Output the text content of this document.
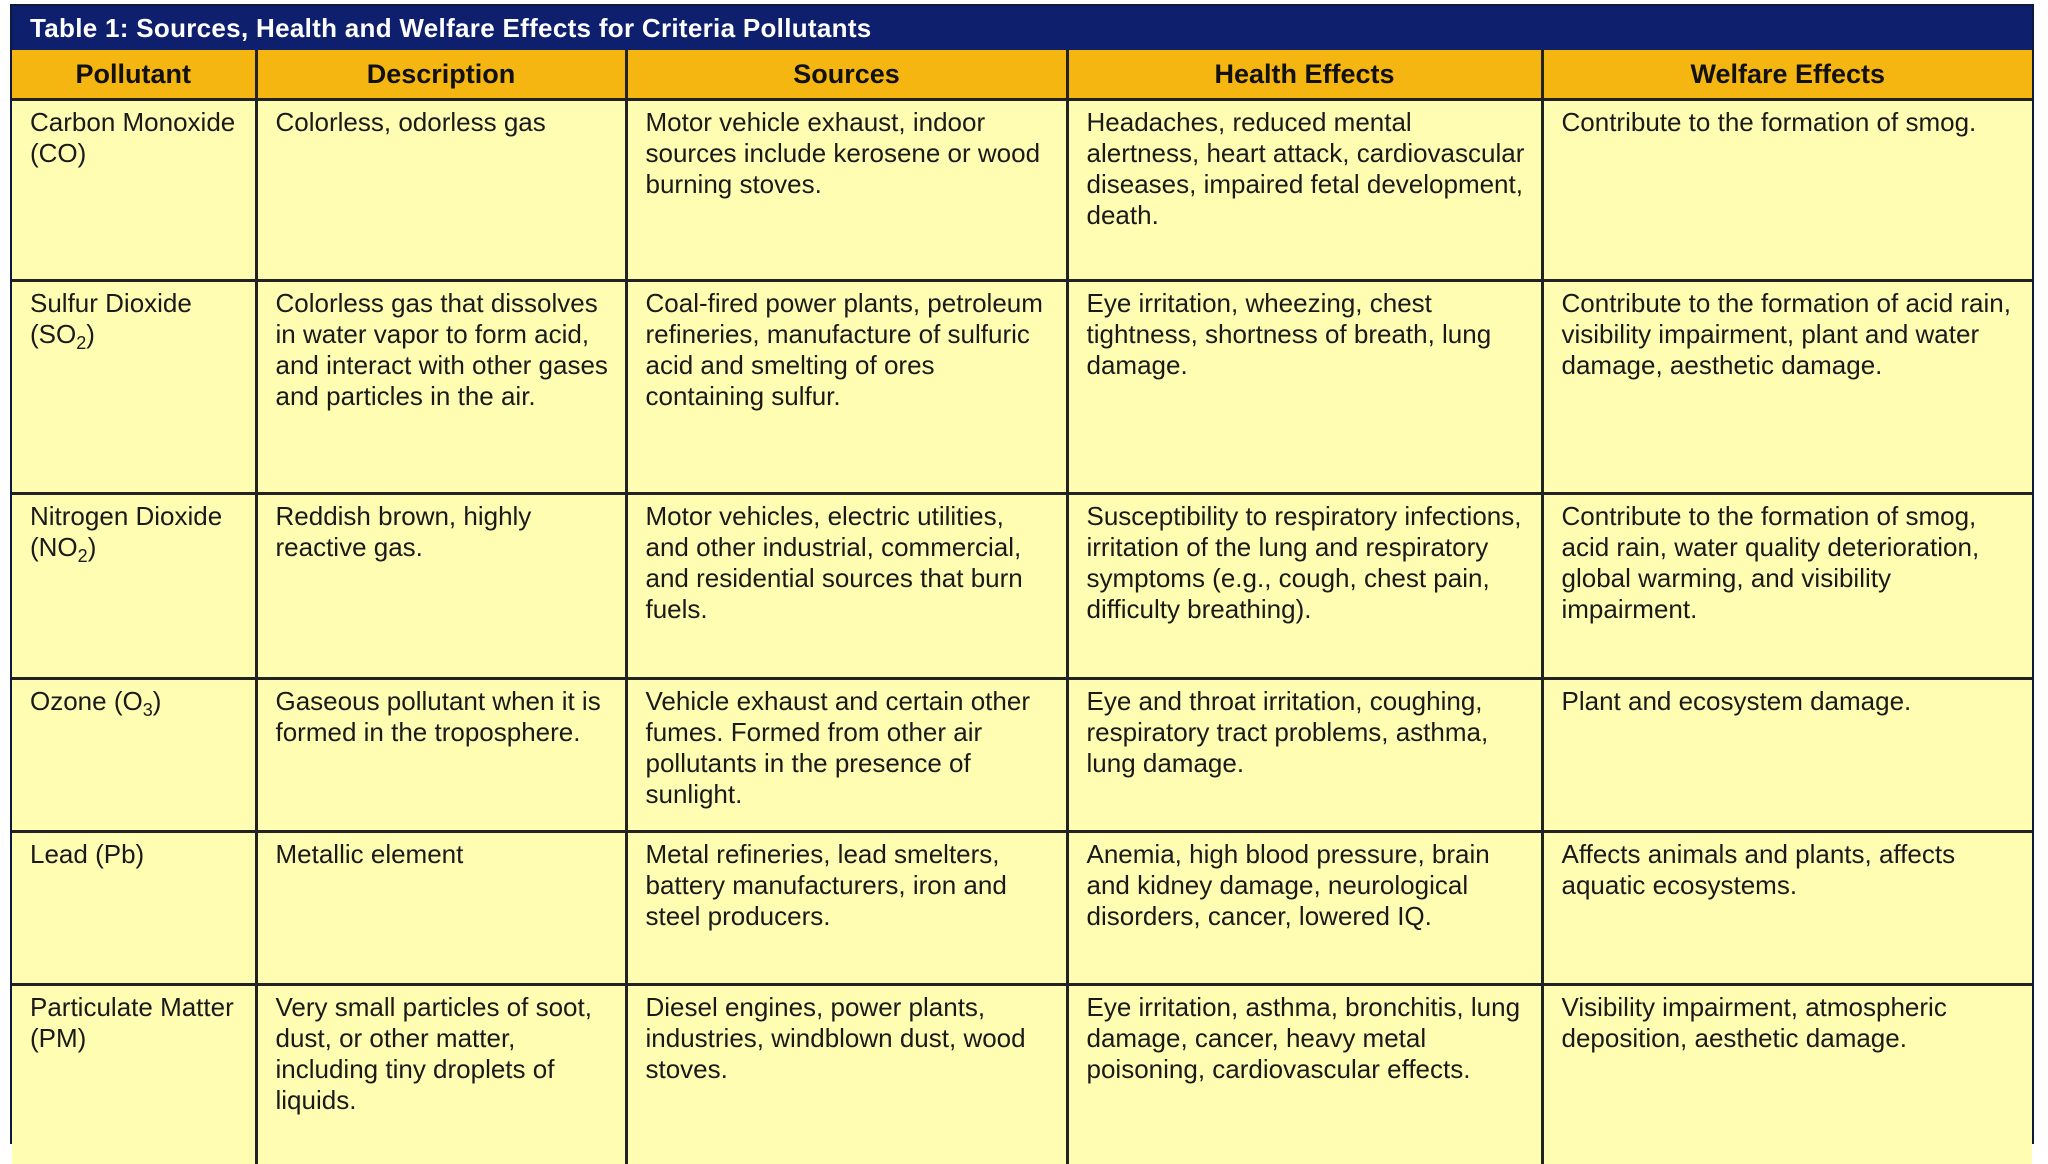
Table 1: Sources, Health and Welfare Effects for Criteria Pollutants
Pollutant	Description	Sources	Health Effects	Welfare Effects
Carbon Monoxide (CO)	Colorless, odorless gas	Motor vehicle exhaust, indoor sources include kerosene or wood burning stoves.	Headaches, reduced mental alertness, heart attack, cardiovascular diseases, impaired fetal development, death.	Contribute to the formation of smog.
Sulfur Dioxide $(SO_2)$	Colorless gas that dissolves in water vapor to form acid, and interact with other gases and particles in the air.	Coal-fired power plants, petroleum refineries, manufacture of sulfuric acid and smelting of ores containing sulfur.	Eye irritation, wheezing, chest tightness, shortness of breath, lung damage.	Contribute to the formation of acid rain, visibility impairment, plant and water damage, aesthetic damage.
Nitrogen Dioxide $(NO_2)$	Reddish brown, highly reactive gas.	Motor vehicles, electric utilities, and other industrial, commercial, and residential sources that burn fuels.	Susceptibility to respiratory infections, irritation of the lung and respiratory symptoms (e.g., cough, chest pain, difficulty breathing).	Contribute to the formation of smog, acid rain, water quality deterioration, global warming, and visibility impairment.
Ozone $(O_3)$	Gaseous pollutant when it is formed in the troposphere.	Vehicle exhaust and certain other fumes. Formed from other air pollutants in the presence of sunlight.	Eye and throat irritation, coughing, respiratory tract problems, asthma, lung damage.	Plant and ecosystem damage.
Lead (Pb)	Metallic element	Metal refineries, lead smelters, battery manufacturers, iron and steel producers.	Anemia, high blood pressure, brain and kidney damage, neurological disorders, cancer, lowered IQ.	Affects animals and plants, affects aquatic ecosystems.
Particulate Matter (PM)	Very small particles of soot, dust, or other matter, including tiny droplets of liquids.	Diesel engines, power plants, industries, windblown dust, wood stoves.	Eye irritation, asthma, bronchitis, lung damage, cancer, heavy metal poisoning, cardiovascular effects.	Visibility impairment, atmospheric deposition, aesthetic damage.
